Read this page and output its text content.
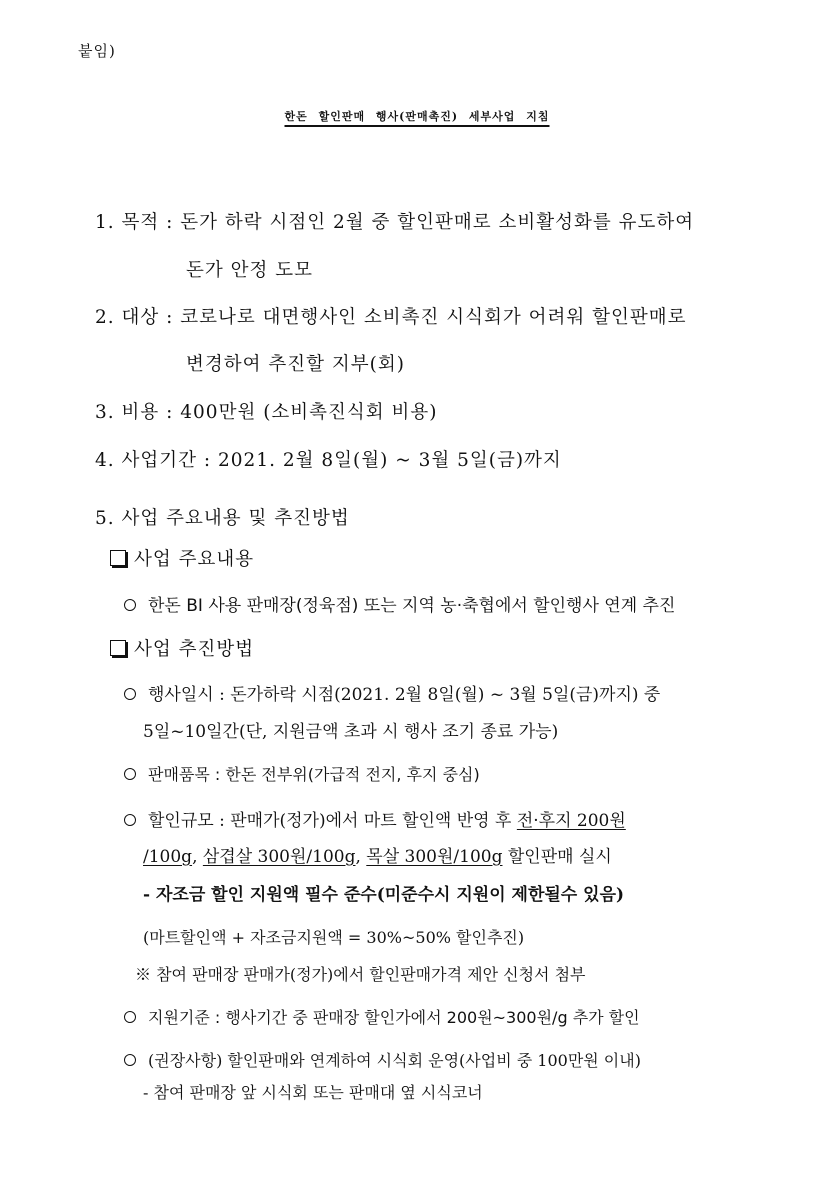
붙임)
한돈 할인판매 행사(판매촉진) 세부사업 지침
1. 목적 : 돈가 하락 시점인 2월 중 할인판매로 소비활성화를 유도하여
돈가 안정 도모
2. 대상 : 코로나로 대면행사인 소비촉진 시식회가 어려워 할인판매로
변경하여 추진할 지부(회)
3. 비용 : 400만원 (소비촉진식회 비용)
4. 사업기간 : 2021. 2월 8일(월) ~ 3월 5일(금)까지
5. 사업 주요내용 및 추진방법
사업 주요내용
한돈 BI 사용 판매장(정육점) 또는 지역 농·축협에서 할인행사 연계 추진
사업 추진방법
행사일시 : 돈가하락 시점(2021. 2월 8일(월) ~ 3월 5일(금)까지) 중
5일~10일간(단, 지원금액 초과 시 행사 조기 종료 가능)
판매품목 : 한돈 전부위(가급적 전지, 후지 중심)
할인규모 : 판매가(정가)에서 마트 할인액 반영 후 전·후지 200원
/100g, 삼겹살 300원/100g, 목살 300원/100g 할인판매 실시
- 자조금 할인 지원액 필수 준수(미준수시 지원이 제한될수 있음)
(마트할인액 + 자조금지원액 = 30%~50% 할인추진)
※ 참여 판매장 판매가(정가)에서 할인판매가격 제안 신청서 첨부
지원기준 : 행사기간 중 판매장 할인가에서 200원~300원/g 추가 할인
(권장사항) 할인판매와 연계하여 시식회 운영(사업비 중 100만원 이내)
- 참여 판매장 앞 시식회 또는 판매대 옆 시식코너
